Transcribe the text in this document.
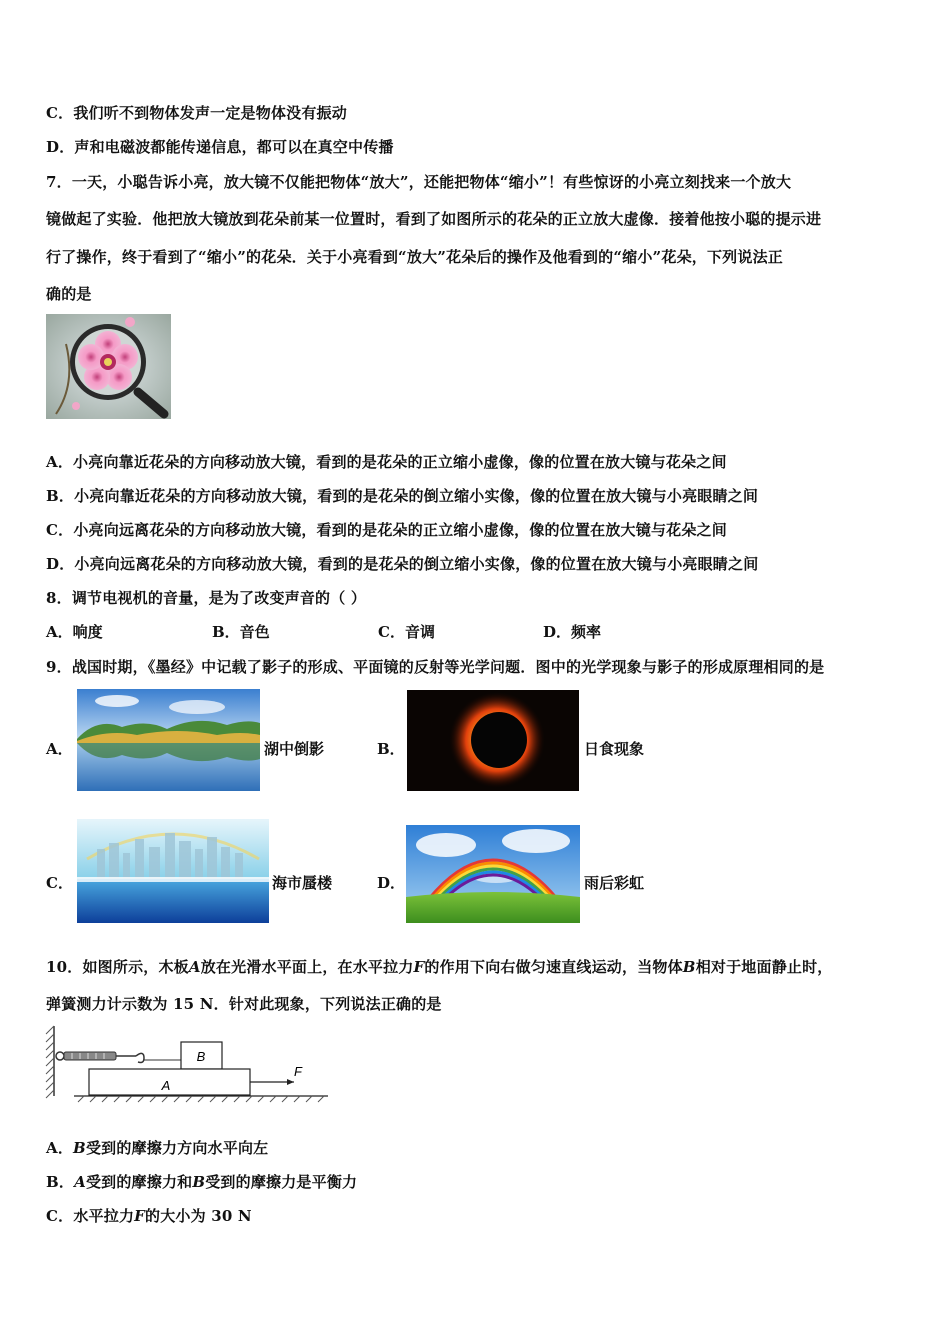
C．我们听不到物体发声一定是物体没有振动
D．声和电磁波都能传递信息，都可以在真空中传播
7．一天，小聪告诉小亮，放大镜不仅能把物体“放大”，还能把物体“缩小”！有些惊讶的小亮立刻找来一个放大
镜做起了实验．他把放大镜放到花朵前某一位置时，看到了如图所示的花朵的正立放大虚像．接着他按小聪的提示进
行了操作，终于看到了“缩小”的花朵．关于小亮看到“放大”花朵后的操作及他看到的“缩小”花朵，下列说法正
确的是
A．小亮向靠近花朵的方向移动放大镜，看到的是花朵的正立缩小虚像，像的位置在放大镜与花朵之间
B．小亮向靠近花朵的方向移动放大镜，看到的是花朵的倒立缩小实像，像的位置在放大镜与小亮眼睛之间
C．小亮向远离花朵的方向移动放大镜，看到的是花朵的正立缩小虚像，像的位置在放大镜与花朵之间
D．小亮向远离花朵的方向移动放大镜，看到的是花朵的倒立缩小实像，像的位置在放大镜与小亮眼睛之间
8．调节电视机的音量，是为了改变声音的（ ）
A．响度	B．音色	C．音调	D．频率
9．战国时期，《墨经》中记载了影子的形成、平面镜的反射等光学问题．图中的光学现象与影子的形成原理相同的是
A．	湖中倒影	B．	日食现象
C．	海市蜃楼	D．	雨后彩虹
10．如图所示，木板A放在光滑水平面上，在水平拉力F的作用下向右做匀速直线运动，当物体B相对于地面静止时，
弹簧测力计示数为 15 N．针对此现象，下列说法正确的是
B
A
F
A．B受到的摩擦力方向水平向左
B．A受到的摩擦力和B受到的摩擦力是平衡力
C．水平拉力F的大小为 30 N
